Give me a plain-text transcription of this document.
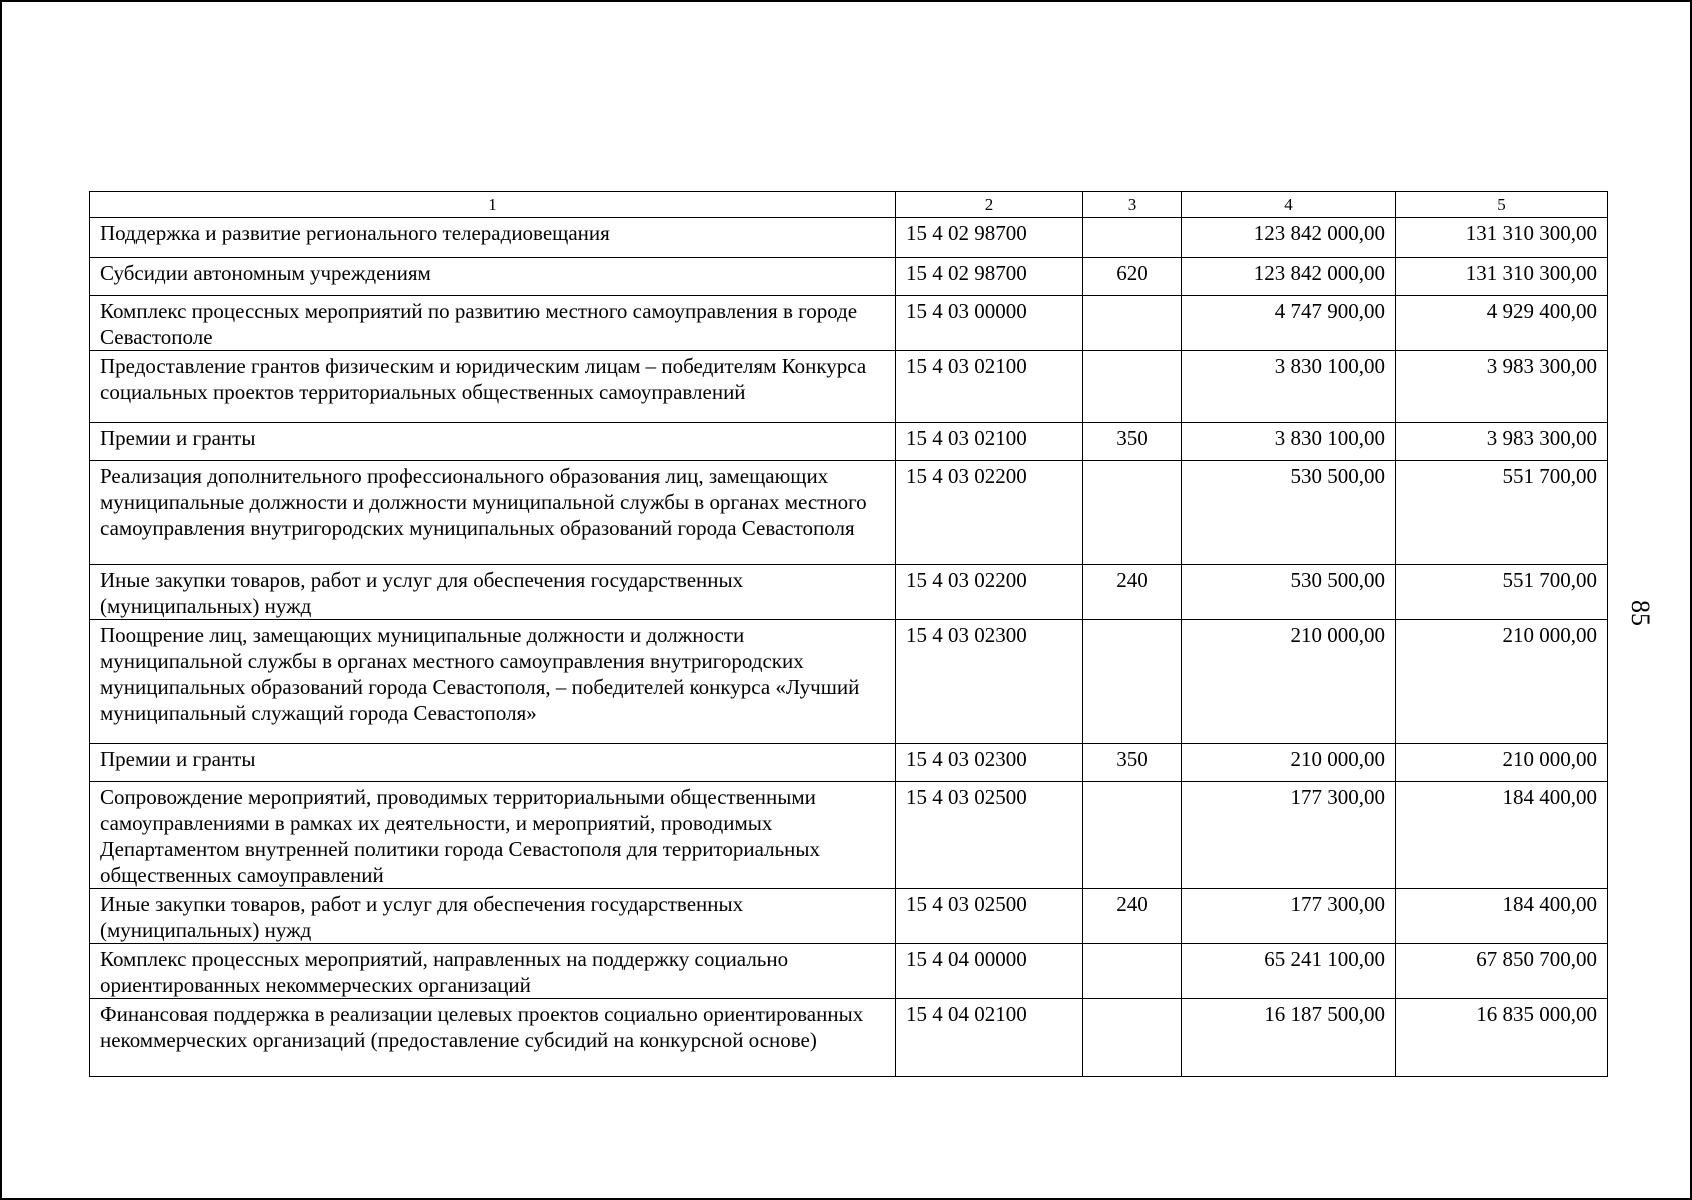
1	2	3	4	5
Поддержка и развитие регионального телерадиовещания	15 4 02 98700		123 842 000,00	131 310 300,00
Субсидии автономным учреждениям	15 4 02 98700	620	123 842 000,00	131 310 300,00
Комплекс процессных мероприятий по развитию местного самоуправления в городе Севастополе	15 4 03 00000		4 747 900,00	4 929 400,00
Предоставление грантов физическим и юридическим лицам – победителям Конкурса социальных проектов территориальных общественных самоуправлений	15 4 03 02100		3 830 100,00	3 983 300,00
Премии и гранты	15 4 03 02100	350	3 830 100,00	3 983 300,00
Реализация дополнительного профессионального образования лиц, замещающих муниципальные должности и должности муниципальной службы в органах местного самоуправления внутригородских муниципальных образований города Севастополя	15 4 03 02200		530 500,00	551 700,00
Иные закупки товаров, работ и услуг для обеспечения государственных (муниципальных) нужд	15 4 03 02200	240	530 500,00	551 700,00
Поощрение лиц, замещающих муниципальные должности и должности муниципальной службы в органах местного самоуправления внутригородских муниципальных образований города Севастополя, – победителей конкурса «Лучший муниципальный служащий города Севастополя»	15 4 03 02300		210 000,00	210 000,00
Премии и гранты	15 4 03 02300	350	210 000,00	210 000,00
Сопровождение мероприятий, проводимых территориальными общественными самоуправлениями в рамках их деятельности, и мероприятий, проводимых Департаментом внутренней политики города Севастополя для территориальных общественных самоуправлений	15 4 03 02500		177 300,00	184 400,00
Иные закупки товаров, работ и услуг для обеспечения государственных (муниципальных) нужд	15 4 03 02500	240	177 300,00	184 400,00
Комплекс процессных мероприятий, направленных на поддержку социально ориентированных некоммерческих организаций	15 4 04 00000		65 241 100,00	67 850 700,00
Финансовая поддержка в реализации целевых проектов социально ориентированных некоммерческих организаций (предоставление субсидий на конкурсной основе)	15 4 04 02100		16 187 500,00	16 835 000,00
85
